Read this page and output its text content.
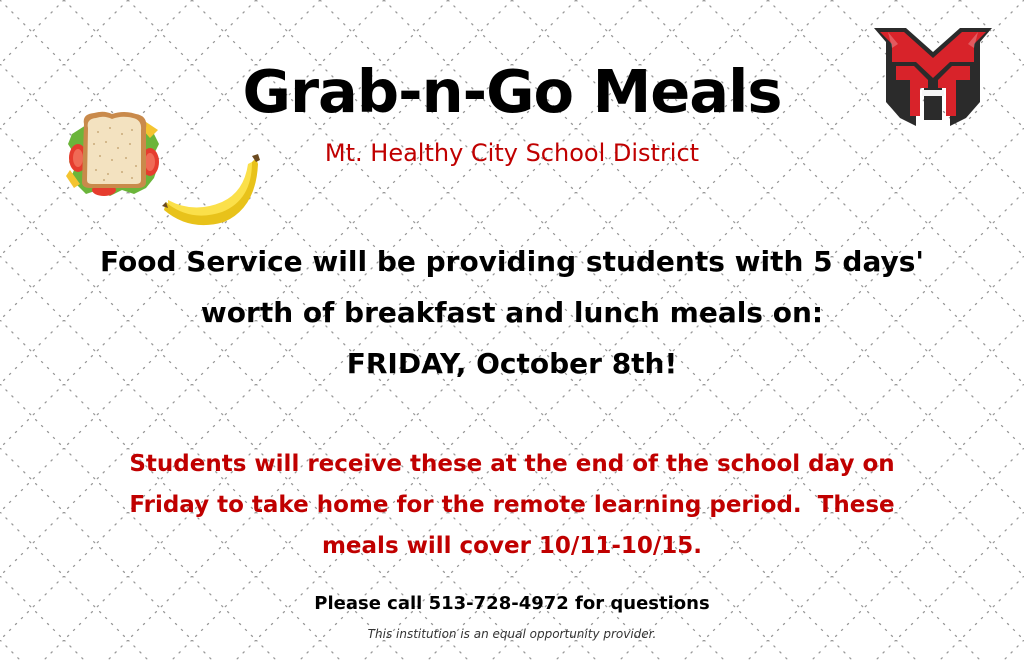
Grab-n-Go Meals

Mt. Healthy City School District

Food Service will be providing students with 5 days'
worth of breakfast and lunch meals on:
FRIDAY, October 8th!
Students will receive these at the end of the school day on
Friday to take home for the remote learning period.  These
meals will cover 10/11-10/15.

Please call 513-728-4972 for questions

This institution is an equal opportunity provider.
